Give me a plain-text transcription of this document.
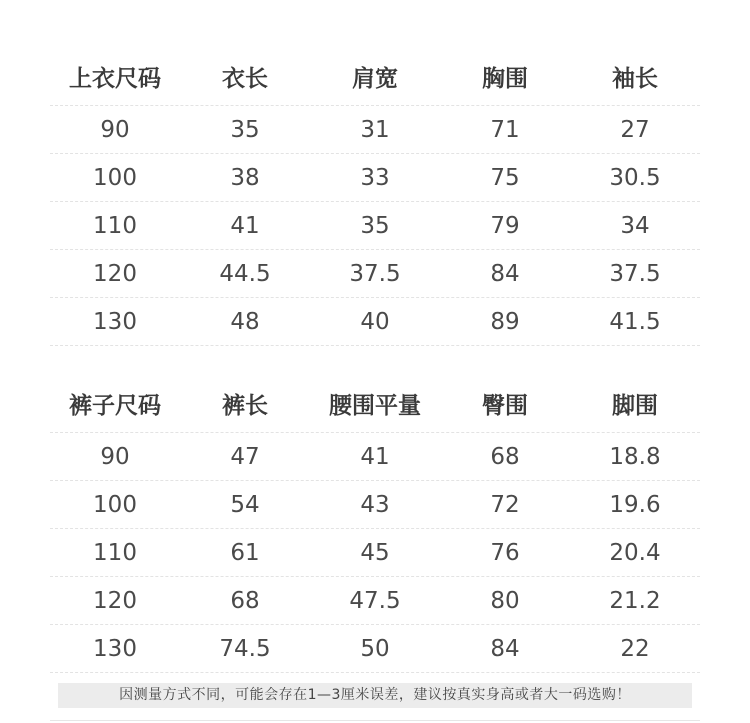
上衣尺码	衣长	肩宽	胸围	袖长
90	35	31	71	27
100	38	33	75	30.5
110	41	35	79	34
120	44.5	37.5	84	37.5
130	48	40	89	41.5
裤子尺码	裤长	腰围平量	臀围	脚围
90	47	41	68	18.8
100	54	43	72	19.6
110	61	45	76	20.4
120	68	47.5	80	21.2
130	74.5	50	84	22
因测量方式不同，可能会存在1—3厘米误差，建议按真实身高或者大一码选购！
